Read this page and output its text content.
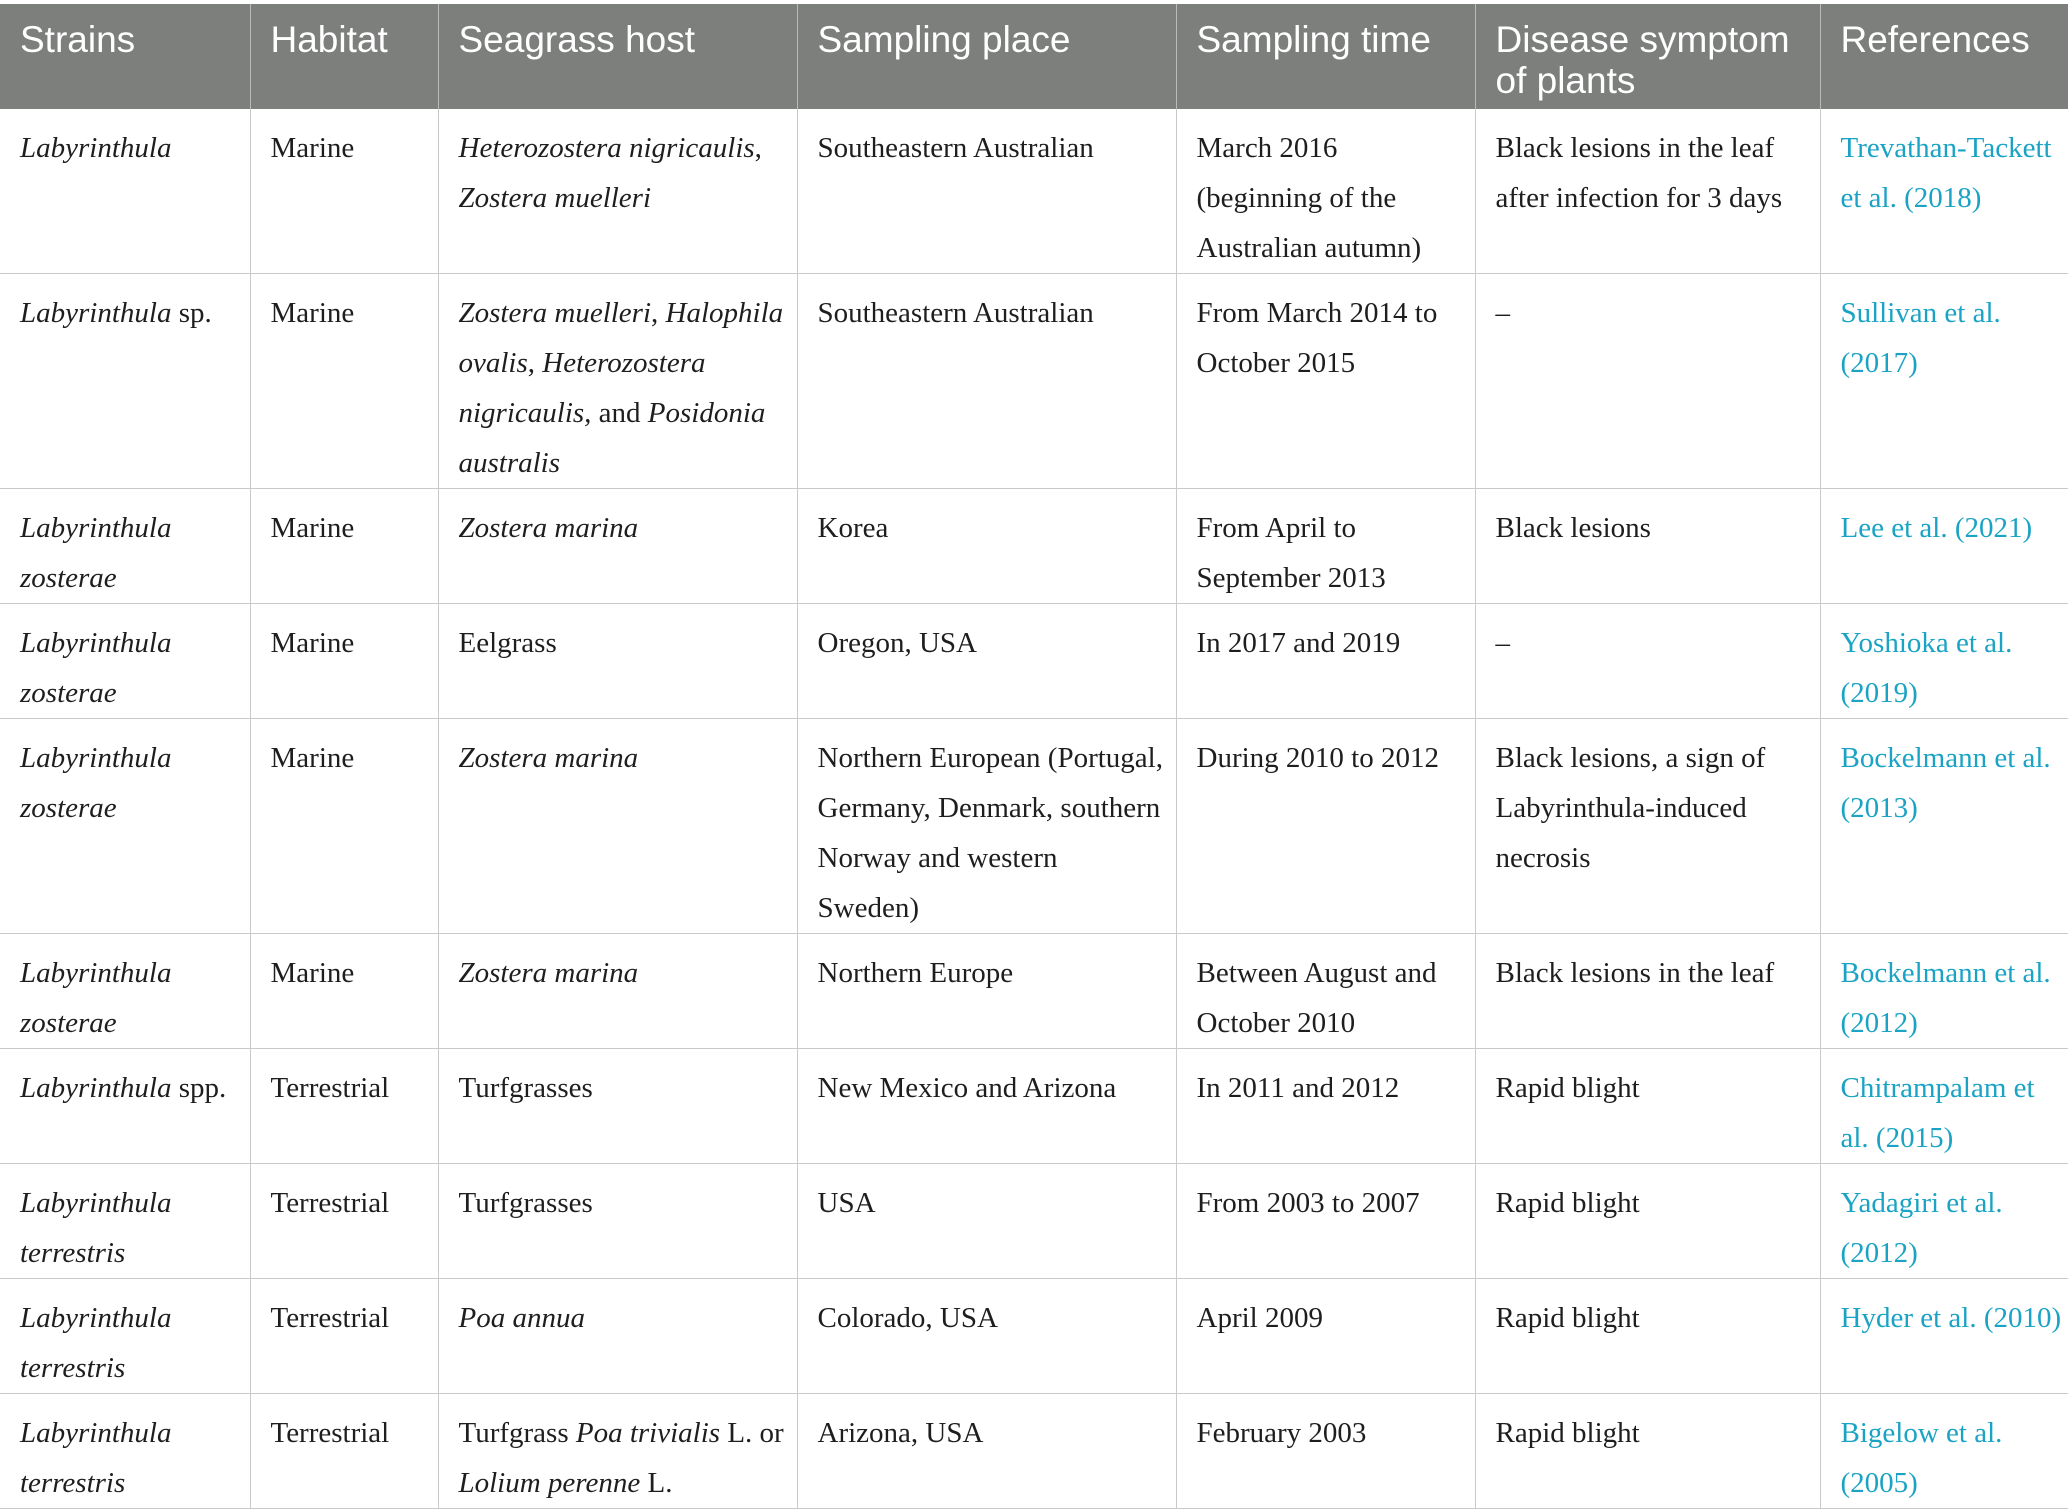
Strains	Habitat	Seagrass host	Sampling place	Sampling time	Disease symptom of plants	References
Labyrinthula	Marine	Heterozostera nigricaulis, Zostera muelleri	Southeastern Australian	March 2016 (beginning of the Australian autumn)	Black lesions in the leaf after infection for 3 days	Trevathan-Tackett et al. (2018)
Labyrinthula sp.	Marine	Zostera muelleri, Halophila ovalis, Heterozostera nigricaulis, and Posidonia australis	Southeastern Australian	From March 2014 to October 2015	–	Sullivan et al. (2017)
Labyrinthula zosterae	Marine	Zostera marina	Korea	From April to September 2013	Black lesions	Lee et al. (2021)
Labyrinthula zosterae	Marine	Eelgrass	Oregon, USA	In 2017 and 2019	–	Yoshioka et al. (2019)
Labyrinthula zosterae	Marine	Zostera marina	Northern European (Portugal, Germany, Denmark, southern Norway and western Sweden)	During 2010 to 2012	Black lesions, a sign of Labyrinthula-induced necrosis	Bockelmann et al. (2013)
Labyrinthula zosterae	Marine	Zostera marina	Northern Europe	Between August and October 2010	Black lesions in the leaf	Bockelmann et al. (2012)
Labyrinthula spp.	Terrestrial	Turfgrasses	New Mexico and Arizona	In 2011 and 2012	Rapid blight	Chitrampalam et al. (2015)
Labyrinthula terrestris	Terrestrial	Turfgrasses	USA	From 2003 to 2007	Rapid blight	Yadagiri et al. (2012)
Labyrinthula terrestris	Terrestrial	Poa annua	Colorado, USA	April 2009	Rapid blight	Hyder et al. (2010)
Labyrinthula terrestris	Terrestrial	Turfgrass Poa trivialis L. or Lolium perenne L.	Arizona, USA	February 2003	Rapid blight	Bigelow et al. (2005)
